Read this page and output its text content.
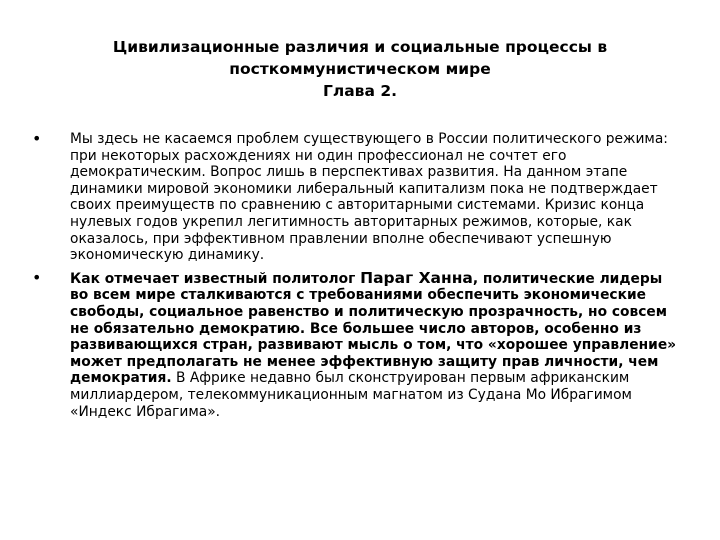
Цивилизационные различия и социальные процессы в
посткоммунистическом мире
Глава 2.
•	Мы здесь не касаемся проблем существующего в России политического режима: при некоторых расхождениях ни один профессионал не сочтет его демократическим. Вопрос лишь в перспективах развития. На данном этапе динамики мировой экономики либеральный капитализм пока не подтверждает своих преимуществ по сравнению с авторитарными системами. Кризис конца нулевых годов укрепил легитимность авторитарных режимов, которые, как оказалось, при эффективном правлении вполне обеспечивают успешную экономическую динамику.
•	Как отмечает известный политолог Параг Ханна, политические лидеры во всем мире сталкиваются с требованиями обеспечить экономические свободы, социальное равенство и политическую прозрачность, но совсем не обязательно демократию. Все большее число авторов, особенно из развивающихся стран, развивают мысль о том, что «хорошее управление» может предполагать не менее эффективную защиту прав личности, чем демократия. В Африке недавно был сконструирован первым африканским миллиардером, телекоммуникационным магнатом из Судана Мо Ибрагимом «Индекс Ибрагима».
